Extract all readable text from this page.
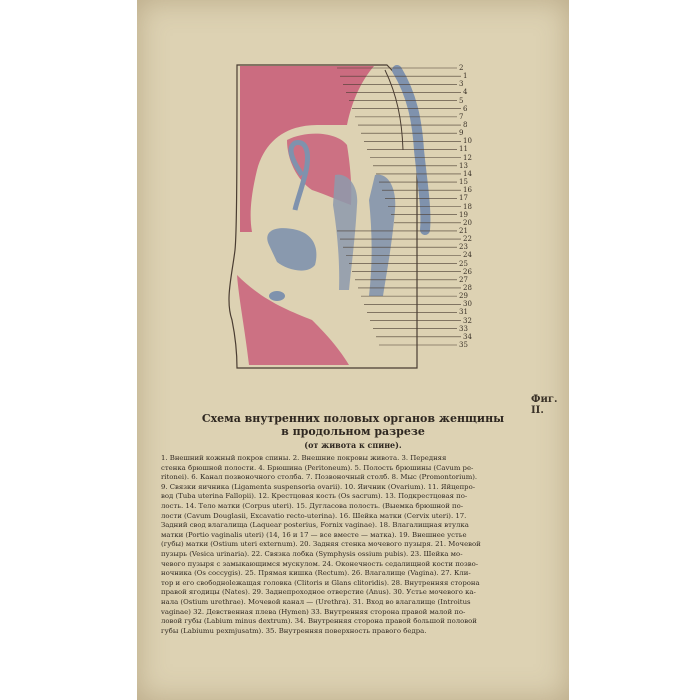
2
1
3
4
5
6
7
8
9
10
11
12
13
14
15
16
17
18
19
20
21
22
23
24
25
26
27
28
29
30
31
32
33
34
35
Фиг. II.
Схема внутренних половых органов женщины
в продольном разрезе
(от живота к спине).

1. Внешний кожный покров спины. 2. Внешние покровы живота. 3. Передняя

стенка брюшной полости. 4. Брюшина (Peritoneum). 5. Полость брюшины (Cavum pe-

ritonei). 6. Канал позвоночного столба. 7. Позвоночный столб. 8. Мыс (Promontorium).

9. Связки яичника (Ligamenta suspensoria ovarii). 10. Яичник (Ovarium). 11. Яйцепро-

вод (Tuba uterina Fallopii). 12. Крестцовая кость (Os sacrum). 13. Подкрестцовая по-

лость. 14. Тело матки (Corpus uteri). 15. Дугласова полость. (Выемка брюшной по-

лости (Cavum Douglasii, Excavatio recto-uterina). 16. Шейка матки (Cervix uteri). 17.

Задний свод влагалища (Laquear posterius, Fornix vaginae). 18. Влагалищная втулка

матки (Portio vaginalis uteri) (14, 16 и 17 — все вместе — матка). 19. Внешнее устье

(губы) матки (Ostium uteri externum). 20. Задняя стенка мочевого пузыря. 21. Мочевой

пузырь (Vesica urinaria). 22. Связка лобка (Symphysis ossium pubis). 23. Шейка мо-

чевого пузыря с замыкающимся мускулом. 24. Оконечность седалищной кости позво-

ночника (Os coccygis). 25. Прямая кишка (Rectum). 26. Влагалище (Vagina). 27. Кли-

тор и его свободноlежащая головка (Clitoris и Glans clitoridis). 28. Внутренняя сторона

правой ягодицы (Nates). 29. Заднепроходное отверстие (Anus). 30. Устье мочевого ка-

нала (Ostium urethrae). Мочевой канал — (Urethra). 31. Вход во влагалище (Introitus

vaginae) 32. Девственная плева (Hymen) 33. Внутренняя сторона правой малой по-

ловой губы (Labium minus dextrum). 34. Внутренняя сторона правой большой половой

губы (Labiumu pexmjusatm). 35. Внутренняя поверхность правого бедра.
